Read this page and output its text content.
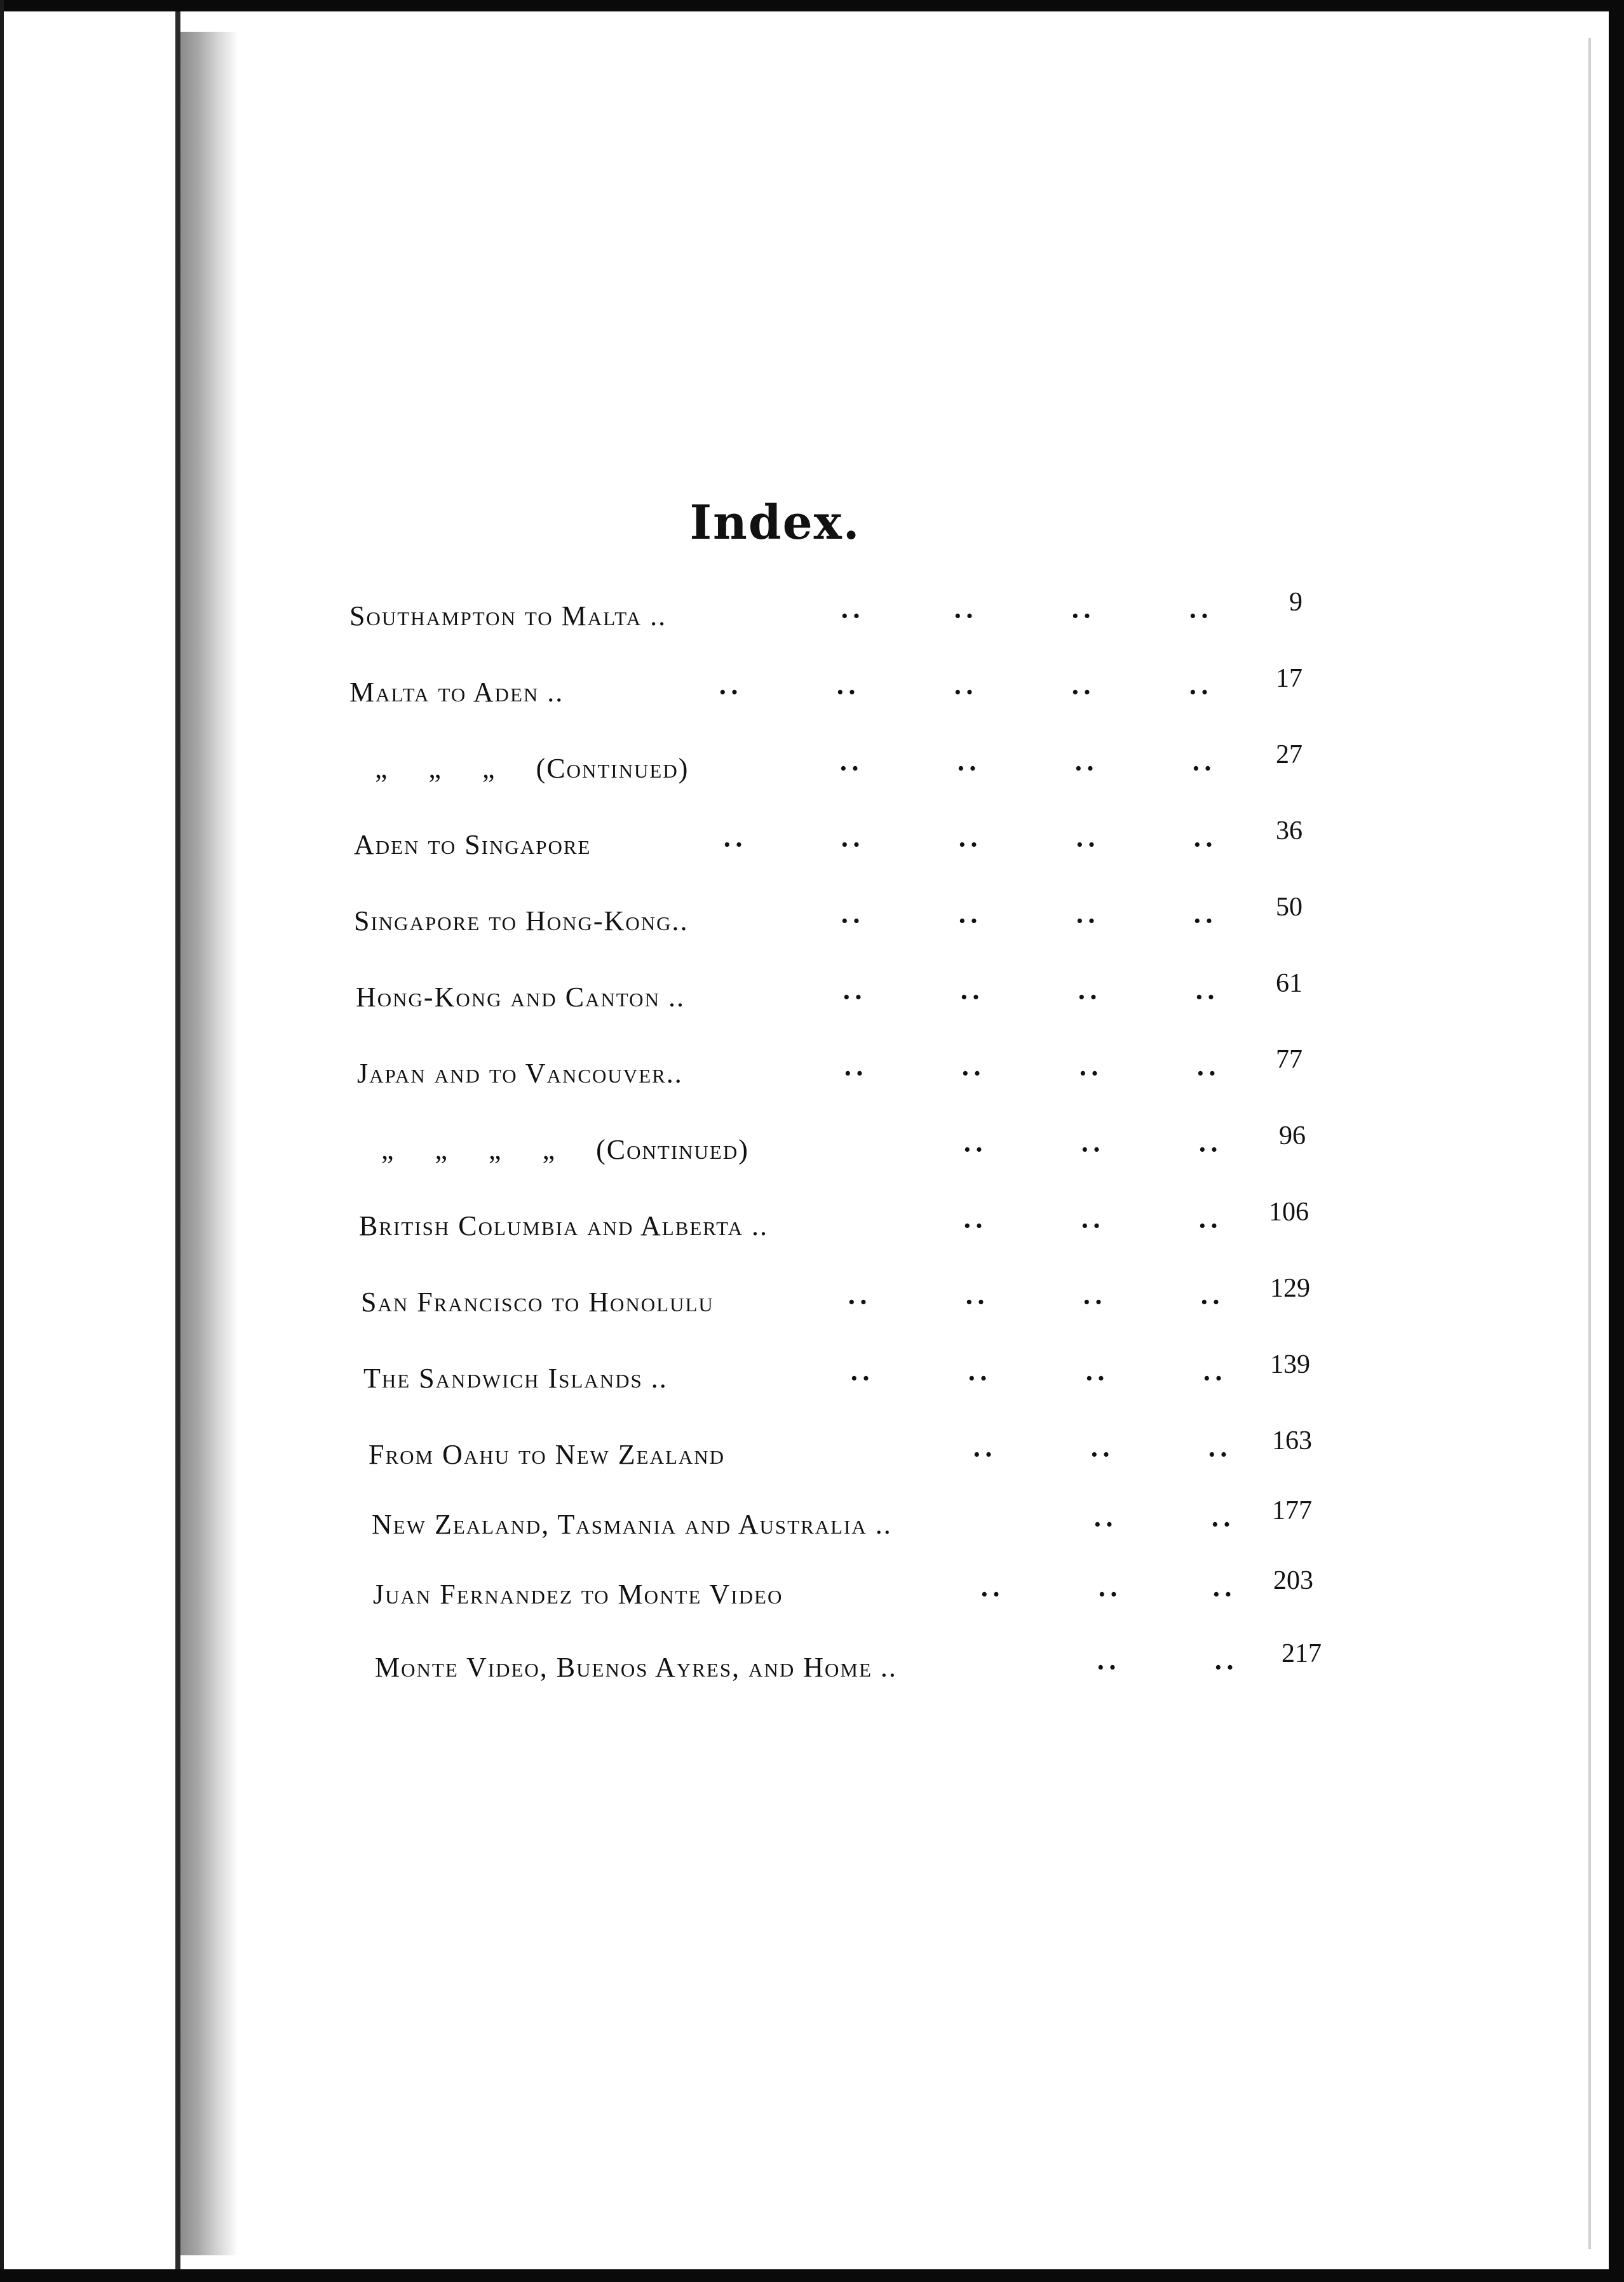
Index.
Southampton to Malta ..	··	··	··	··	9
Malta to Aden ..	··	··	··	··	··	17
„ „ „ (Continued)	··	··	··	··	27
Aden to Singapore	··	··	··	··	··	36
Singapore to Hong-Kong..	··	··	··	··	50
Hong-Kong and Canton ..	··	··	··	··	61
Japan and to Vancouver..	··	··	··	··	77
„ „ „ „ (Continued)	··	··	··	96
British Columbia and Alberta ..	··	··	··	106
San Francisco to Honolulu	··	··	··	··	129
The Sandwich Islands ..	··	··	··	··	139
From Oahu to New Zealand	··	··	··	163
New Zealand, Tasmania and Australia ..	··	··	177
Juan Fernandez to Monte Video	··	··	··	203
Monte Video, Buenos Ayres, and Home ..	··	··	217
